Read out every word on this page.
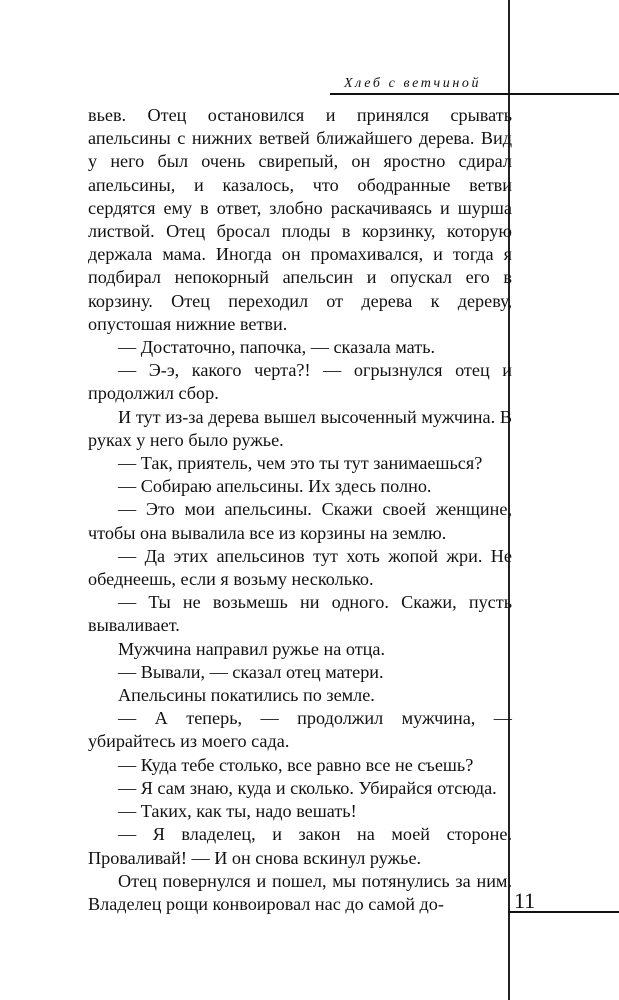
Хлеб с ветчиной

вьев. Отец остановился и принялся срывать апельсины с нижних ветвей ближайшего дерева. Вид у него был очень свирепый, он яростно сдирал апельсины, и казалось, что ободранные ветви сердятся ему в ответ, злобно раскачиваясь и шурша листвой. Отец бросал плоды в корзинку, которую держала мама. Иногда он промахивался, и тогда я подбирал непокорный апельсин и опускал его в корзину. Отец переходил от дерева к дереву, опустошая нижние ветви.

— Достаточно, папочка, — сказала мать.

— Э-э, какого черта?! — огрызнулся отец и продолжил сбор.

И тут из-за дерева вышел высоченный мужчина. В руках у него было ружье.

— Так, приятель, чем это ты тут занимаешься?

— Собираю апельсины. Их здесь полно.

— Это мои апельсины. Скажи своей женщине, чтобы она вывалила все из корзины на землю.

— Да этих апельсинов тут хоть жопой жри. Не обеднеешь, если я возьму несколько.

— Ты не возьмешь ни одного. Скажи, пусть вываливает.

Мужчина направил ружье на отца.

— Вывали, — сказал отец матери.

Апельсины покатились по земле.

— А теперь, — продолжил мужчина, — убирайтесь из моего сада.

— Куда тебе столько, все равно все не съешь?

— Я сам знаю, куда и сколько. Убирайся отсюда.

— Таких, как ты, надо вешать!

— Я владелец, и закон на моей стороне. Проваливай! — И он снова вскинул ружье.

Отец повернулся и пошел, мы потянулись за ним. Владелец рощи конвоировал нас до самой до-	11
